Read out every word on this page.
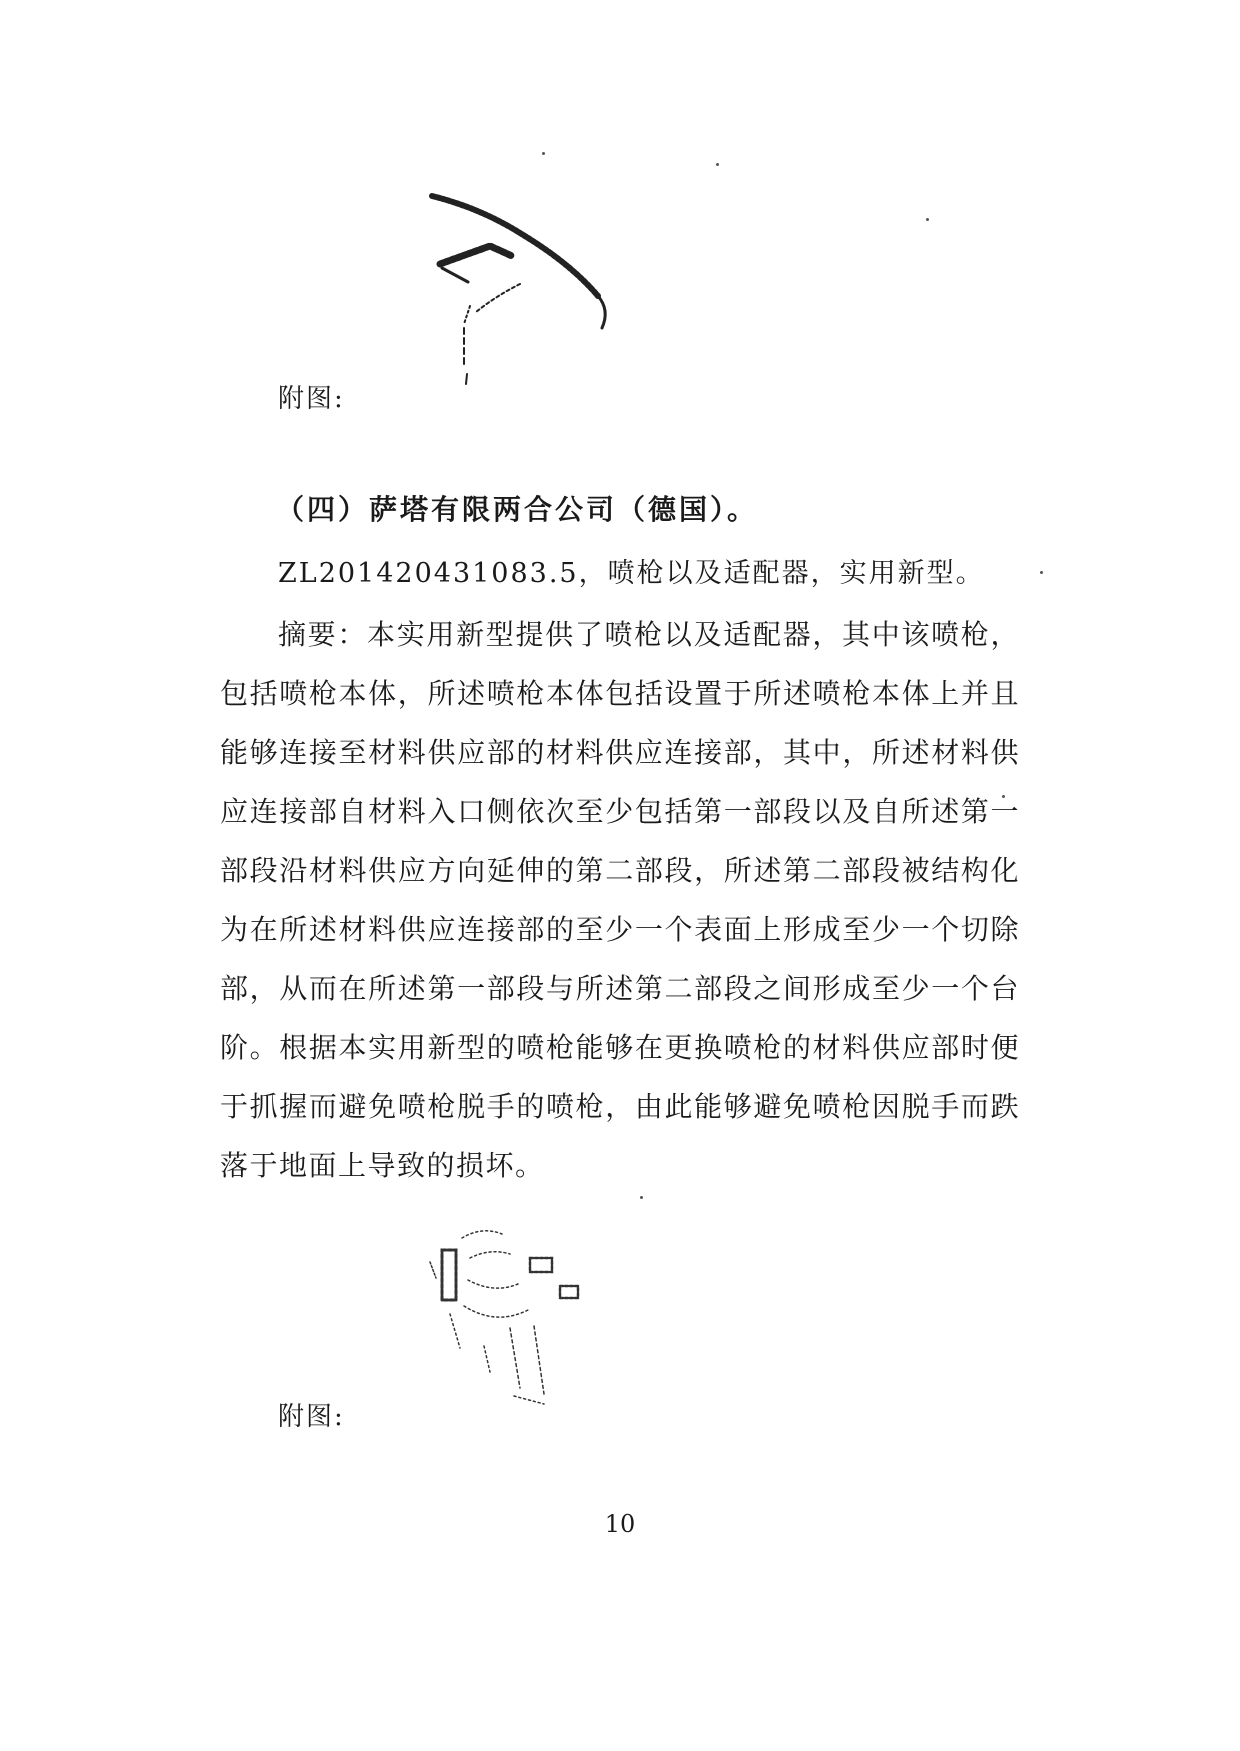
附图:
（四）萨塔有限两合公司（德国）。
ZL201420431083.5，喷枪以及适配器，实用新型。
摘要：本实用新型提供了喷枪以及适配器，其中该喷枪，包括喷枪本体，所述喷枪本体包括设置于所述喷枪本体上并且能够连接至材料供应部的材料供应连接部，其中，所述材料供应连接部自材料入口侧依次至少包括第一部段以及自所述第一部段沿材料供应方向延伸的第二部段，所述第二部段被结构化为在所述材料供应连接部的至少一个表面上形成至少一个切除部，从而在所述第一部段与所述第二部段之间形成至少一个台阶。根据本实用新型的喷枪能够在更换喷枪的材料供应部时便于抓握而避免喷枪脱手的喷枪，由此能够避免喷枪因脱手而跌落于地面上导致的损坏。
附图:
10
